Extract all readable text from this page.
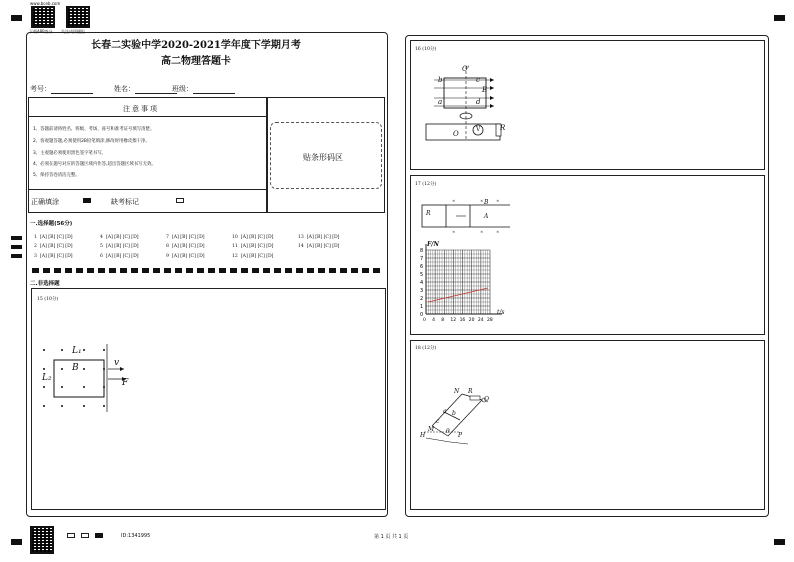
www.bceb.com
下载APP查分 关注成绩播报
长春二实验中学2020-2021学年度下学期月考
高二物理答题卡
考号：	姓名：	班级：
注意事项
1、答题前请将姓名、班级、考场、座号和准考证号填写清楚。
2、客观题答题,必须使用2B铅笔填涂,修改时用橡皮擦干净。
3、主观题必须使用黑色签字笔书写。
4、必须在题号对应的答题区域内作答,超出答题区域书写无效。
5、保持答卷清洁完整。
正确填涂	缺考标记
贴条形码区
一.选择题(56分)
1 [A] [B] [C] [D]
2 [A] [B] [C] [D]
3 [A] [B] [C] [D]
4 [A] [B] [C] [D]
5 [A] [B] [C] [D]
6 [A] [B] [C] [D]
7 [A] [B] [C] [D]
8 [A] [B] [C] [D]
9 [A] [B] [C] [D]
10 [A] [B] [C] [D]
11 [A] [B] [C] [D]
12 [A] [B] [C] [D]
13 [A] [B] [C] [D]
14 [A] [B] [C] [D]
二.非选择题
15 (10分)
L₁
L₂
B	v
F
16 (10分)
O'
b	c
B
a	d
O
V	R
17 (12分)
×	×	×
×	×	×
R
B
A
8
7
6
5
4
3
2
1
0
4 8 12 16 20 24 28
0
F/N
t/s
18 (12分)
N R
Q
a b
c
M θ
P
H
ID:1341995	第 1 页 共 1 页
